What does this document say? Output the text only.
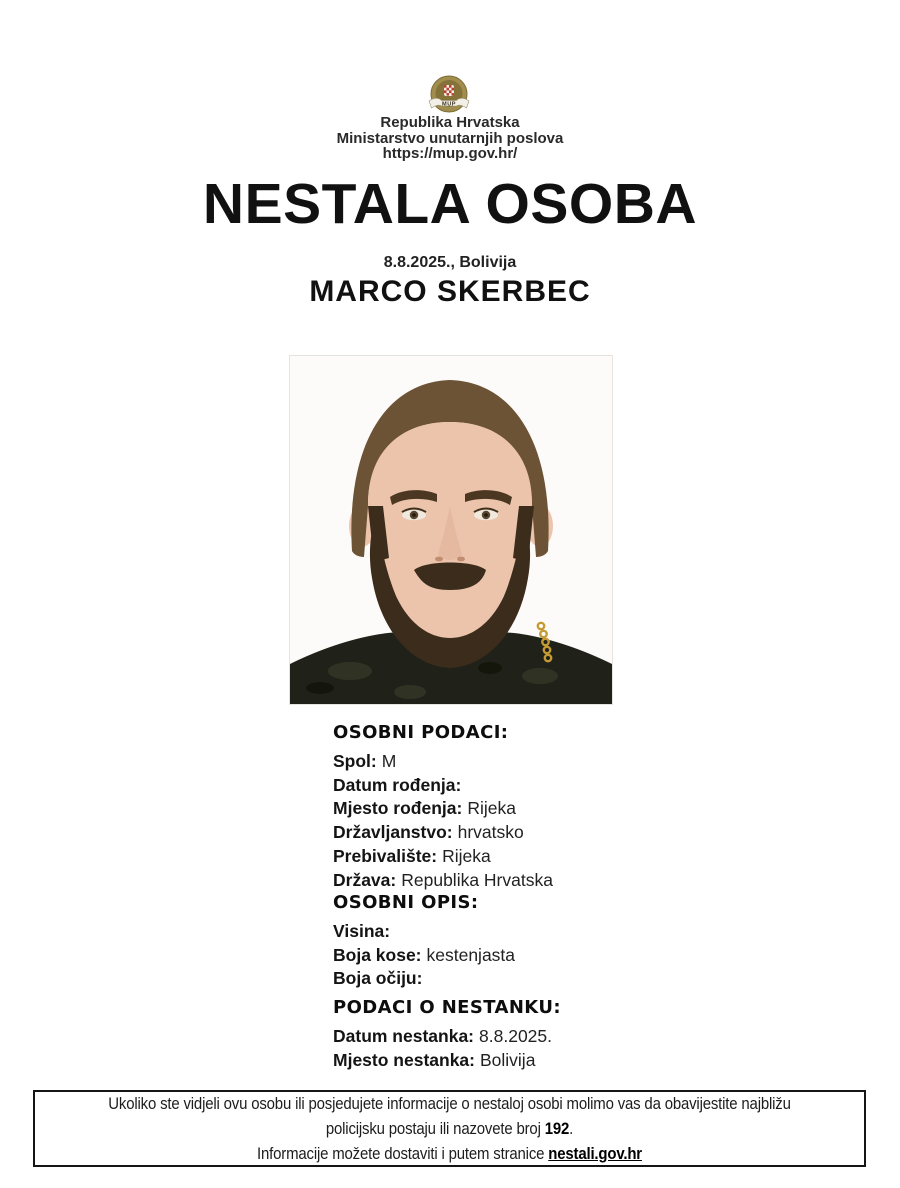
MUP
Republika Hrvatska
Ministarstvo unutarnjih poslova
https://mup.gov.hr/
NESTALA OSOBA
8.8.2025., Bolivija
MARCO SKERBEC
OSOBNI PODACI:
Spol: M
Datum rođenja:
Mjesto rođenja: Rijeka
Državljanstvo: hrvatsko
Prebivalište: Rijeka
Država: Republika Hrvatska
OSOBNI OPIS:
Visina:
Boja kose: kestenjasta
Boja očiju:
PODACI O NESTANKU:
Datum nestanka: 8.8.2025.
Mjesto nestanka: Bolivija
Ukoliko ste vidjeli ovu osobu ili posjedujete informacije o nestaloj osobi molimo vas da obavijestite najbližu
policijsku postaju ili nazovete broj 192.
Informacije možete dostaviti i putem stranice nestali.gov.hr
